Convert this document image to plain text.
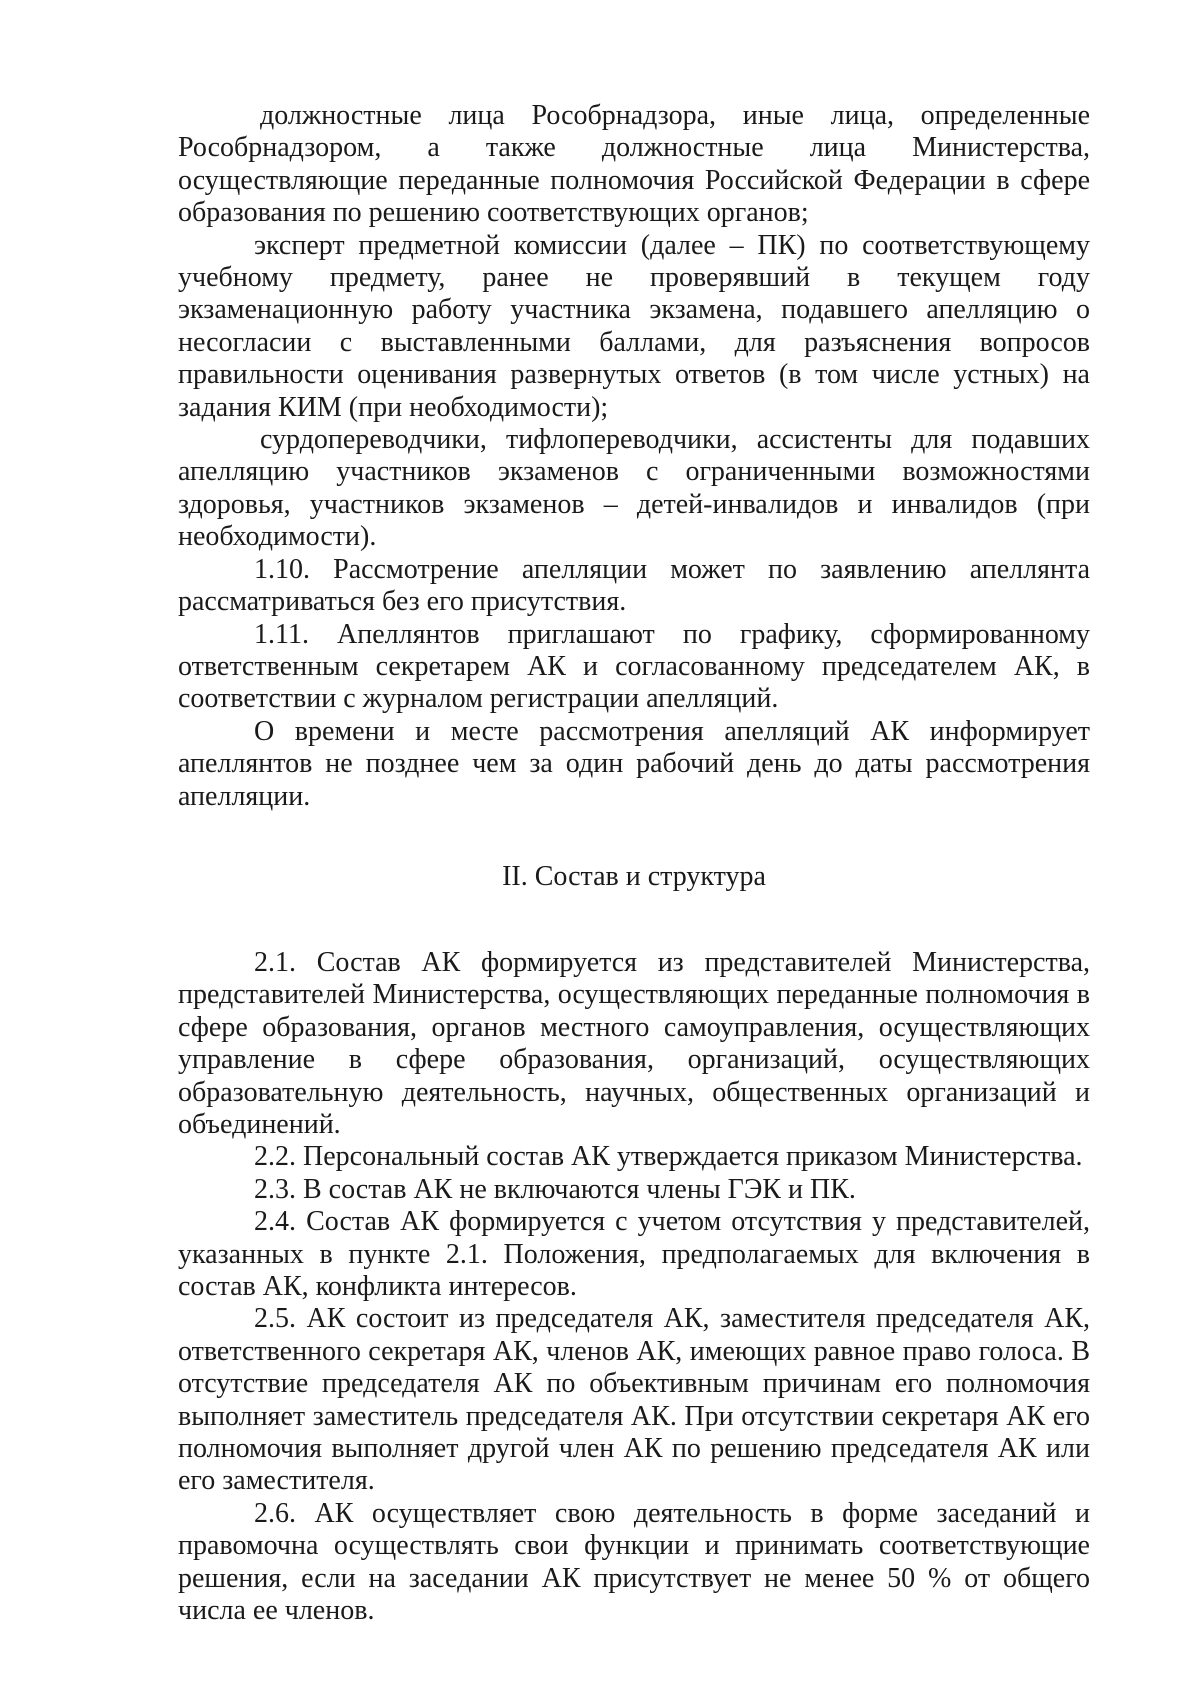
должностные лица Рособрнадзора, иные лица, определенные Рособрнадзором, а также должностные лица Министерства, осуществляющие переданные полномочия Российской Федерации в сфере образования по решению соответствующих органов;

эксперт предметной комиссии (далее – ПК) по соответствующему учебному предмету, ранее не проверявший в текущем году экзаменационную работу участника экзамена, подавшего апелляцию о несогласии с выставленными баллами, для разъяснения вопросов правильности оценивания развернутых ответов (в том числе устных) на задания КИМ (при необходимости);

сурдопереводчики, тифлопереводчики, ассистенты для подавших апелляцию участников экзаменов с ограниченными возможностями здоровья, участников экзаменов – детей-инвалидов и инвалидов (при необходимости).

1.10. Рассмотрение апелляции может по заявлению апеллянта рассматриваться без его присутствия.

1.11. Апеллянтов приглашают по графику, сформированному ответственным секретарем АК и согласованному председателем АК, в соответствии с журналом регистрации апелляций.

О времени и месте рассмотрения апелляций АК информирует апеллянтов не позднее чем за один рабочий день до даты рассмотрения апелляции.

II. Состав и структура

2.1. Состав АК формируется из представителей Министерства, представителей Министерства, осуществляющих переданные полномочия в сфере образования, органов местного самоуправления, осуществляющих управление в сфере образования, организаций, осуществляющих образовательную деятельность, научных, общественных организаций и объединений.

2.2. Персональный состав АК утверждается приказом Министерства.

2.3. В состав АК не включаются члены ГЭК и ПК.

2.4. Состав АК формируется с учетом отсутствия у представителей, указанных в пункте 2.1. Положения, предполагаемых для включения в состав АК, конфликта интересов.

2.5. АК состоит из председателя АК, заместителя председателя АК, ответственного секретаря АК, членов АК, имеющих равное право голоса. В отсутствие председателя АК по объективным причинам его полномочия выполняет заместитель председателя АК. При отсутствии секретаря АК его полномочия выполняет другой член АК по решению председателя АК или его заместителя.

2.6. АК осуществляет свою деятельность в форме заседаний и правомочна осуществлять свои функции и принимать соответствующие решения, если на заседании АК присутствует не менее 50 % от общего числа ее членов.
